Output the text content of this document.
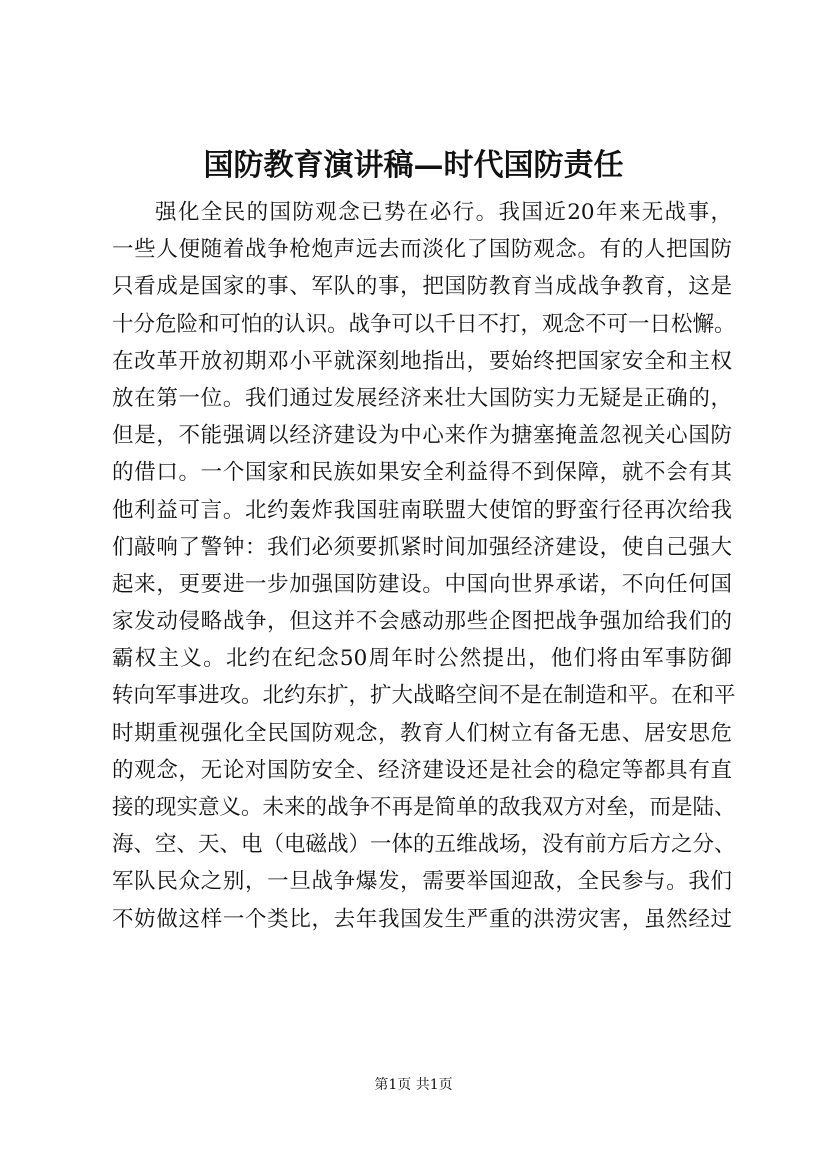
国防教育演讲稿—时代国防责任
强化全民的国防观念已势在必行。我国近20年来无战事，
一些人便随着战争枪炮声远去而淡化了国防观念。有的人把国防
只看成是国家的事、军队的事，把国防教育当成战争教育，这是
十分危险和可怕的认识。战争可以千日不打，观念不可一日松懈。
在改革开放初期邓小平就深刻地指出，要始终把国家安全和主权
放在第一位。我们通过发展经济来壮大国防实力无疑是正确的，
但是，不能强调以经济建设为中心来作为搪塞掩盖忽视关心国防
的借口。一个国家和民族如果安全利益得不到保障，就不会有其
他利益可言。北约轰炸我国驻南联盟大使馆的野蛮行径再次给我
们敲响了警钟：我们必须要抓紧时间加强经济建设，使自己强大
起来，更要进一步加强国防建设。中国向世界承诺，不向任何国
家发动侵略战争，但这并不会感动那些企图把战争强加给我们的
霸权主义。北约在纪念50周年时公然提出，他们将由军事防御
转向军事进攻。北约东扩，扩大战略空间不是在制造和平。在和平
时期重视强化全民国防观念，教育人们树立有备无患、居安思危
的观念，无论对国防安全、经济建设还是社会的稳定等都具有直
接的现实意义。未来的战争不再是简单的敌我双方对垒，而是陆、
海、空、天、电（电磁战）一体的五维战场，没有前方后方之分、
军队民众之别，一旦战争爆发，需要举国迎敌，全民参与。我们
不妨做这样一个类比，去年我国发生严重的洪涝灾害，虽然经过
第1页 共1页
